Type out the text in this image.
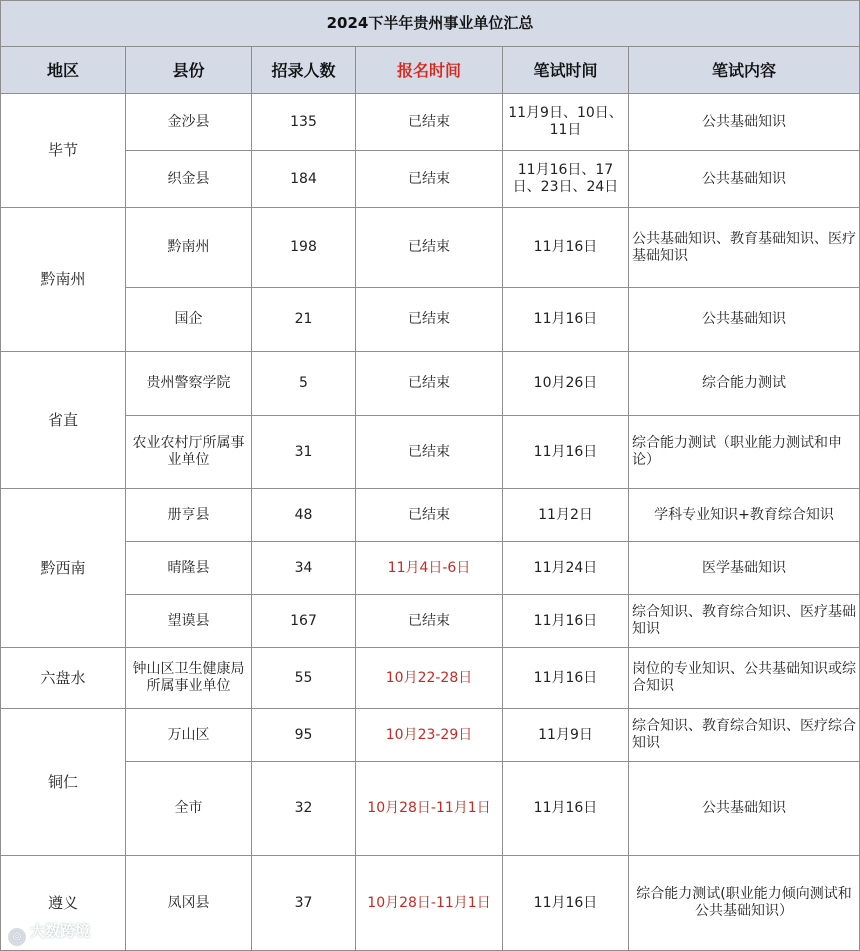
2024下半年贵州事业单位汇总					
地区	县份	招录人数	报名时间	笔试时间	笔试内容
毕节	金沙县	135	已结束	11月9日、10日、11日	公共基础知识
	织金县	184	已结束	11月16日、17日、23日、24日	公共基础知识
黔南州	黔南州	198	已结束	11月16日	公共基础知识、教育基础知识、医疗基础知识
	国企	21	已结束	11月16日	公共基础知识
省直	贵州警察学院	5	已结束	10月26日	综合能力测试
	农业农村厅所属事业单位	31	已结束	11月16日	综合能力测试（职业能力测试和申论）
黔西南	册亨县	48	已结束	11月2日	学科专业知识+教育综合知识
	晴隆县	34	11月4日-6日	11月24日	医学基础知识
	望谟县	167	已结束	11月16日	综合知识、教育综合知识、医疗基础知识
六盘水	钟山区卫生健康局所属事业单位	55	10月22-28日	11月16日	岗位的专业知识、公共基础知识或综合知识
铜仁	万山区	95	10月23-29日	11月9日	综合知识、教育综合知识、医疗综合知识
	全市	32	10月28日-11月1日	11月16日	公共基础知识
遵义	凤冈县	37	10月28日-11月1日	11月16日	综合能力测试(职业能力倾向测试和公共基础知识）
◎ 大数跨境
